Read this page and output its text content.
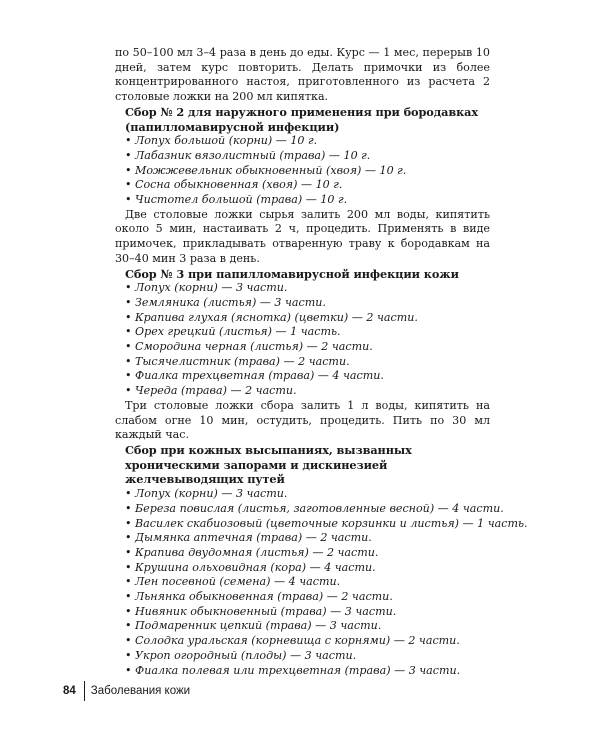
по 50–100 мл 3–4 раза в день до еды. Курс — 1 мес, перерыв 10 дней, затем курс повторить. Делать примочки из более концентрированного настоя, приготовленного из расчета 2 столовые ложки на 200 мл кипятка.

Сбор № 2 для наружного применения при бородавках (папилломавирусной инфекции)
• Лопух большой (корни) — 10 г.
• Лабазник вязолистный (трава) — 10 г.
• Можжевельник обыкновенный (хвоя) — 10 г.
• Сосна обыкновенная (хвоя) — 10 г.
• Чистотел большой (трава) — 10 г.

Две столовые ложки сырья залить 200 мл воды, кипятить около 5 мин, настаивать 2 ч, процедить. Применять в виде примочек, прикладывать отваренную траву к бородавкам на 30–40 мин 3 раза в день.

Сбор № 3 при папилломавирусной инфекции кожи
• Лопух (корни) — 3 части.
• Земляника (листья) — 3 части.
• Крапива глухая (яснотка) (цветки) — 2 части.
• Орех грецкий (листья) — 1 часть.
• Смородина черная (листья) — 2 части.
• Тысячелистник (трава) — 2 части.
• Фиалка трехцветная (трава) — 4 части.
• Череда (трава) — 2 части.

Три столовые ложки сбора залить 1 л воды, кипятить на слабом огне 10 мин, остудить, процедить. Пить по 30 мл каждый час.

Сбор при кожных высыпаниях, вызванных хроническими запорами и дискинезией желчевыводящих путей
• Лопух (корни) — 3 части.
• Береза повислая (листья, заготовленные весной) — 4 части.
• Василек скабиозовый (цветочные корзинки и листья) — 1 часть.
• Дымянка аптечная (трава) — 2 части.
• Крапива двудомная (листья) — 2 части.
• Крушина ольховидная (кора) — 4 части.
• Лен посевной (семена) — 4 части.
• Льнянка обыкновенная (трава) — 2 части.
• Нивяник обыкновенный (трава) — 3 части.
• Подмаренник цепкий (трава) — 3 части.
• Солодка уральская (корневища с корнями) — 2 части.
• Укроп огородный (плоды) — 3 части.
• Фиалка полевая или трехцветная (трава) — 3 части.
84 Заболевания кожи
